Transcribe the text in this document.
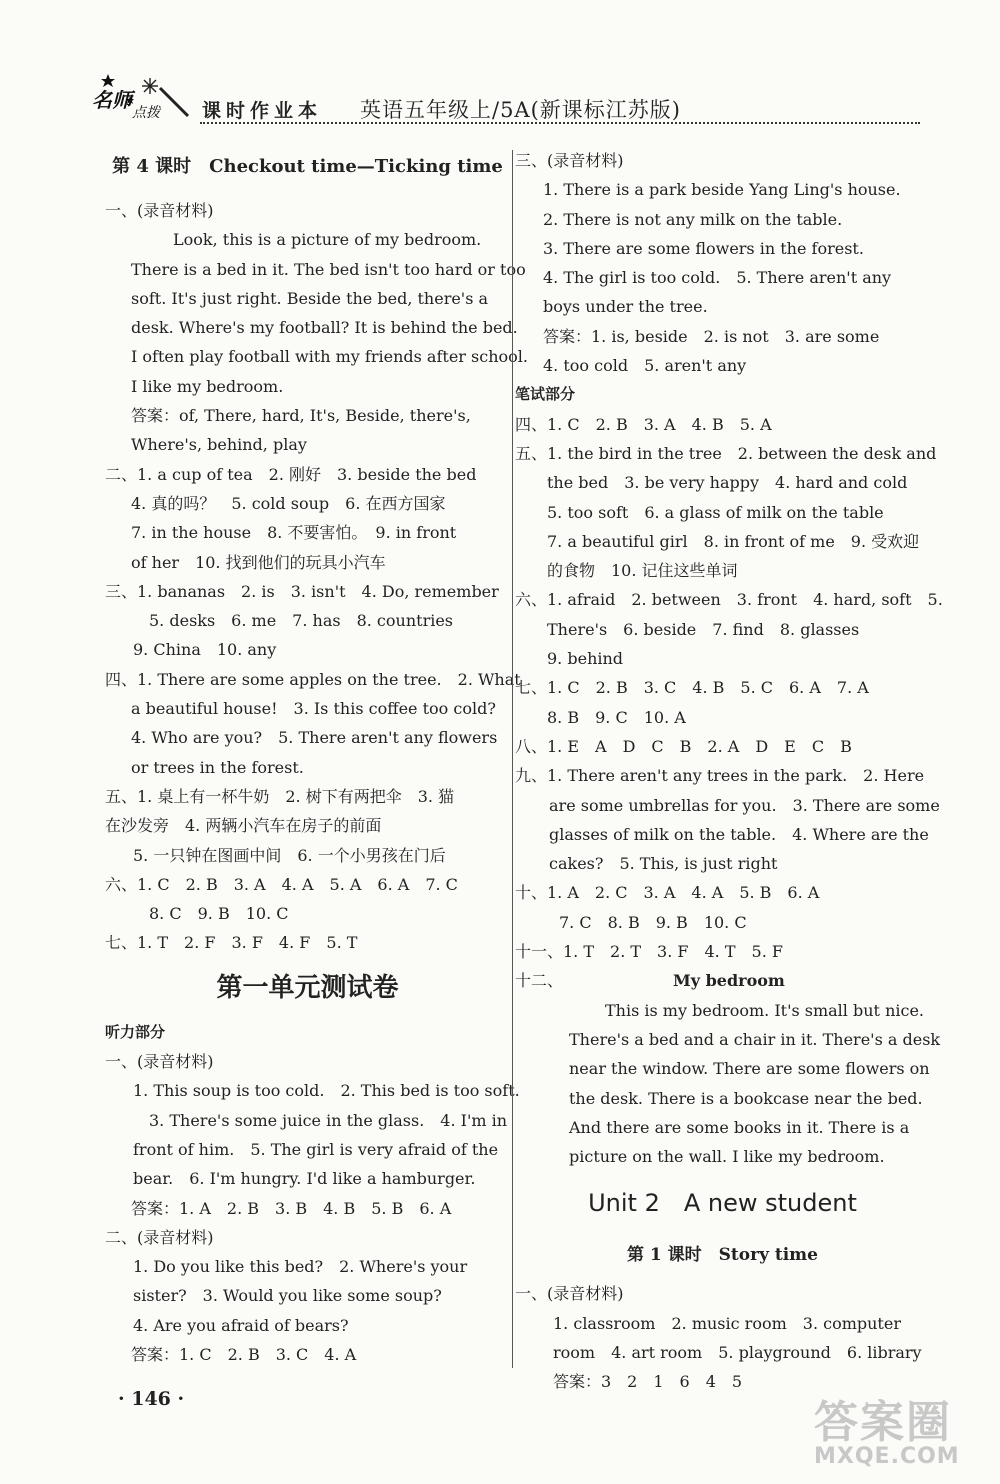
名师
点拨 课时作业本 英语五年级上/5A(新课标江苏版)
第 4 课时　Checkout time—Ticking time
一、(录音材料)
Look, this is a picture of my bedroom.
There is a bed in it. The bed isn't too hard or too
soft. It's just right. Beside the bed, there's a
desk. Where's my football? It is behind the bed.
I often play football with my friends after school.
I like my bedroom.
答案：of, There, hard, It's, Beside, there's,
Where's, behind, play
二、1. a cup of tea　2. 刚好　3. beside the bed
4. 真的吗？　5. cold soup　6. 在西方国家
7. in the house　8. 不要害怕。　9. in front
of her　10. 找到他们的玩具小汽车
三、1. bananas　2. is　3. isn't　4. Do, remember
5. desks　6. me　7. has　8. countries
9. China　10. any
四、1. There are some apples on the tree.　2. What
a beautiful house!　3. Is this coffee too cold?
4. Who are you?　5. There aren't any flowers
or trees in the forest.
五、1. 桌上有一杯牛奶　2. 树下有两把伞　3. 猫
在沙发旁　4. 两辆小汽车在房子的前面
5. 一只钟在图画中间　6. 一个小男孩在门后
六、1. C　2. B　3. A　4. A　5. A　6. A　7. C
8. C　9. B　10. C
七、1. T　2. F　3. F　4. F　5. T
第一单元测试卷
听力部分
一、(录音材料)
1. This soup is too cold.　2. This bed is too soft.
3. There's some juice in the glass.　4. I'm in
front of him.　5. The girl is very afraid of the
bear.　6. I'm hungry. I'd like a hamburger.
答案：1. A　2. B　3. B　4. B　5. B　6. A
二、(录音材料)
1. Do you like this bed?　2. Where's your
sister?　3. Would you like some soup?
4. Are you afraid of bears?
答案：1. C　2. B　3. C　4. A
三、(录音材料)
1. There is a park beside Yang Ling's house.
2. There is not any milk on the table.
3. There are some flowers in the forest.
4. The girl is too cold.　5. There aren't any
boys under the tree.
答案：1. is, beside　2. is not　3. are some
4. too cold　5. aren't any
笔试部分
四、1. C　2. B　3. A　4. B　5. A
五、1. the bird in the tree　2. between the desk and
the bed　3. be very happy　4. hard and cold
5. too soft　6. a glass of milk on the table
7. a beautiful girl　8. in front of me　9. 受欢迎
的食物　10. 记住这些单词
六、1. afraid　2. between　3. front　4. hard, soft　5.
There's　6. beside　7. find　8. glasses
9. behind
七、1. C　2. B　3. C　4. B　5. C　6. A　7. A
8. B　9. C　10. A
八、1. E　A　D　C　B　2. A　D　E　C　B
九、1. There aren't any trees in the park.　2. Here
are some umbrellas for you.　3. There are some
glasses of milk on the table.　4. Where are the
cakes?　5. This, is just right
十、1. A　2. C　3. A　4. A　5. B　6. A
7. C　8. B　9. B　10. C
十一、1. T　2. T　3. F　4. T　5. F
十二、	My bedroom
This is my bedroom. It's small but nice.
There's a bed and a chair in it. There's a desk
near the window. There are some flowers on
the desk. There is a bookcase near the bed.
And there are some books in it. There is a
picture on the wall. I like my bedroom.
Unit 2　A new student
第 1 课时　Story time
一、(录音材料)
1. classroom　2. music room　3. computer
room　4. art room　5. playground　6. library
答案：3　2　1　6　4　5
· 146 ·	答案圈
MXQE.COM
